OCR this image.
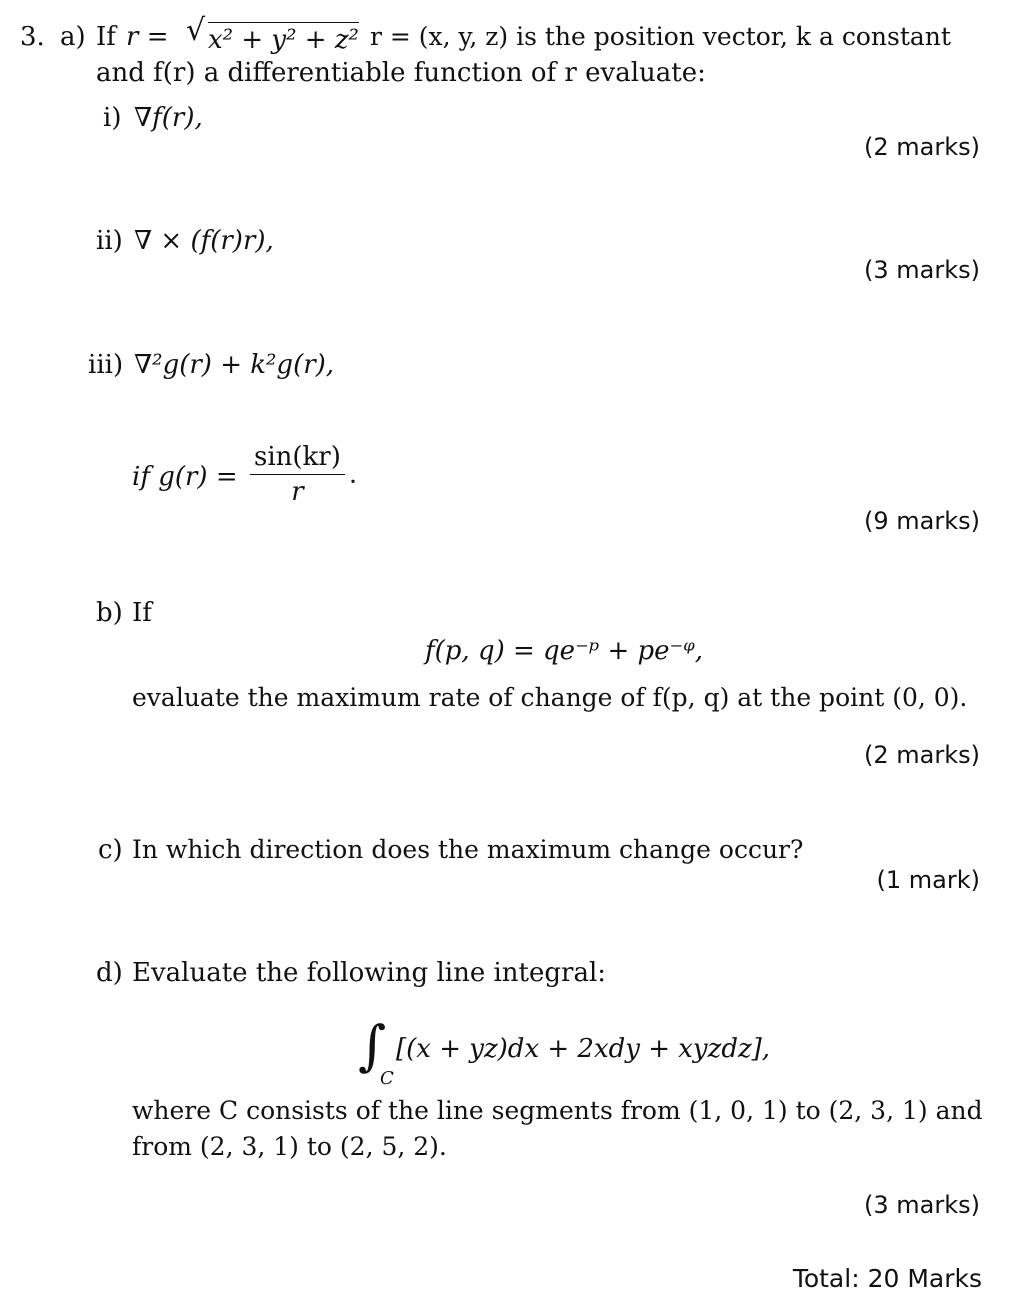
3. a) If r = √ x² + y² + z² r = (x, y, z) is the position vector, k a constant
and f(r) a differentiable function of r evaluate:
i) ∇f(r),
(2 marks)
ii) ∇ × (f(r)r),
(3 marks)
iii) ∇²g(r) + k²g(r),
if $g(r) = \frac{\sin(kr)}{r}$ .
(9 marks)
b) If
f(p, q) = qe⁻ᵖ + pe⁻ᵠ,
evaluate the maximum rate of change of f(p, q) at the point (0, 0).
(2 marks)
c) In which direction does the maximum change occur?
(1 mark)
d) Evaluate the following line integral:
∫
C
[(x + yz)dx + 2xdy + xyzdz],
where C consists of the line segments from (1, 0, 1) to (2, 3, 1) and
from (2, 3, 1) to (2, 5, 2).
(3 marks)
Total: 20 Marks
